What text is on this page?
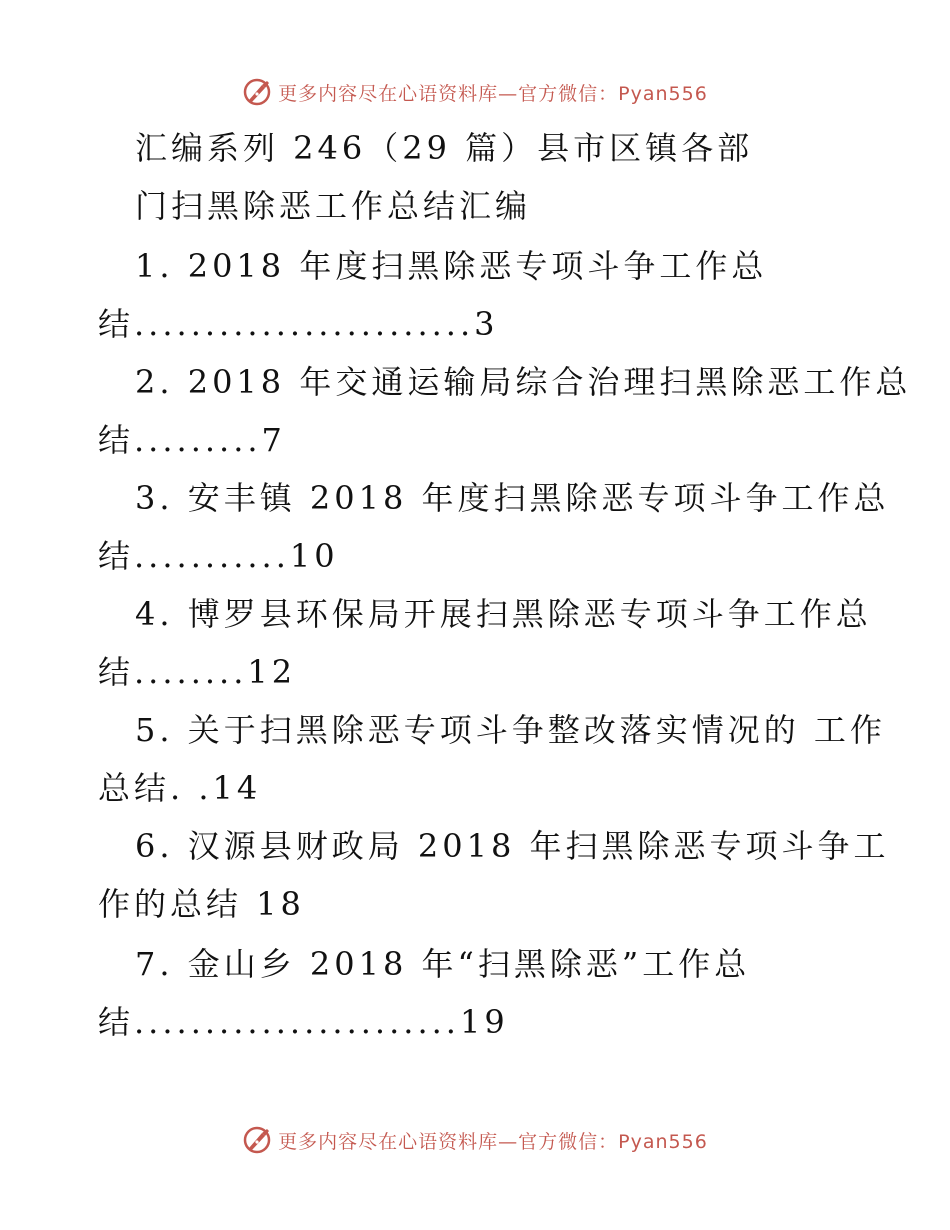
更多内容尽在心语资料库—官方微信：Pyan556
汇编系列 246（29 篇）县市区镇各部
门扫黑除恶工作总结汇编
1. 2018 年度扫黑除恶专项斗争工作总
结........................3
2. 2018 年交通运输局综合治理扫黑除恶工作总
结.........7
3. 安丰镇 2018 年度扫黑除恶专项斗争工作总
结...........10
4. 博罗县环保局开展扫黑除恶专项斗争工作总
结........12
5. 关于扫黑除恶专项斗争整改落实情况的 工作
总结. .14
6. 汉源县财政局 2018 年扫黑除恶专项斗争工
作的总结 18
7. 金山乡 2018 年“扫黑除恶”工作总
结.......................19
更多内容尽在心语资料库—官方微信：Pyan556
